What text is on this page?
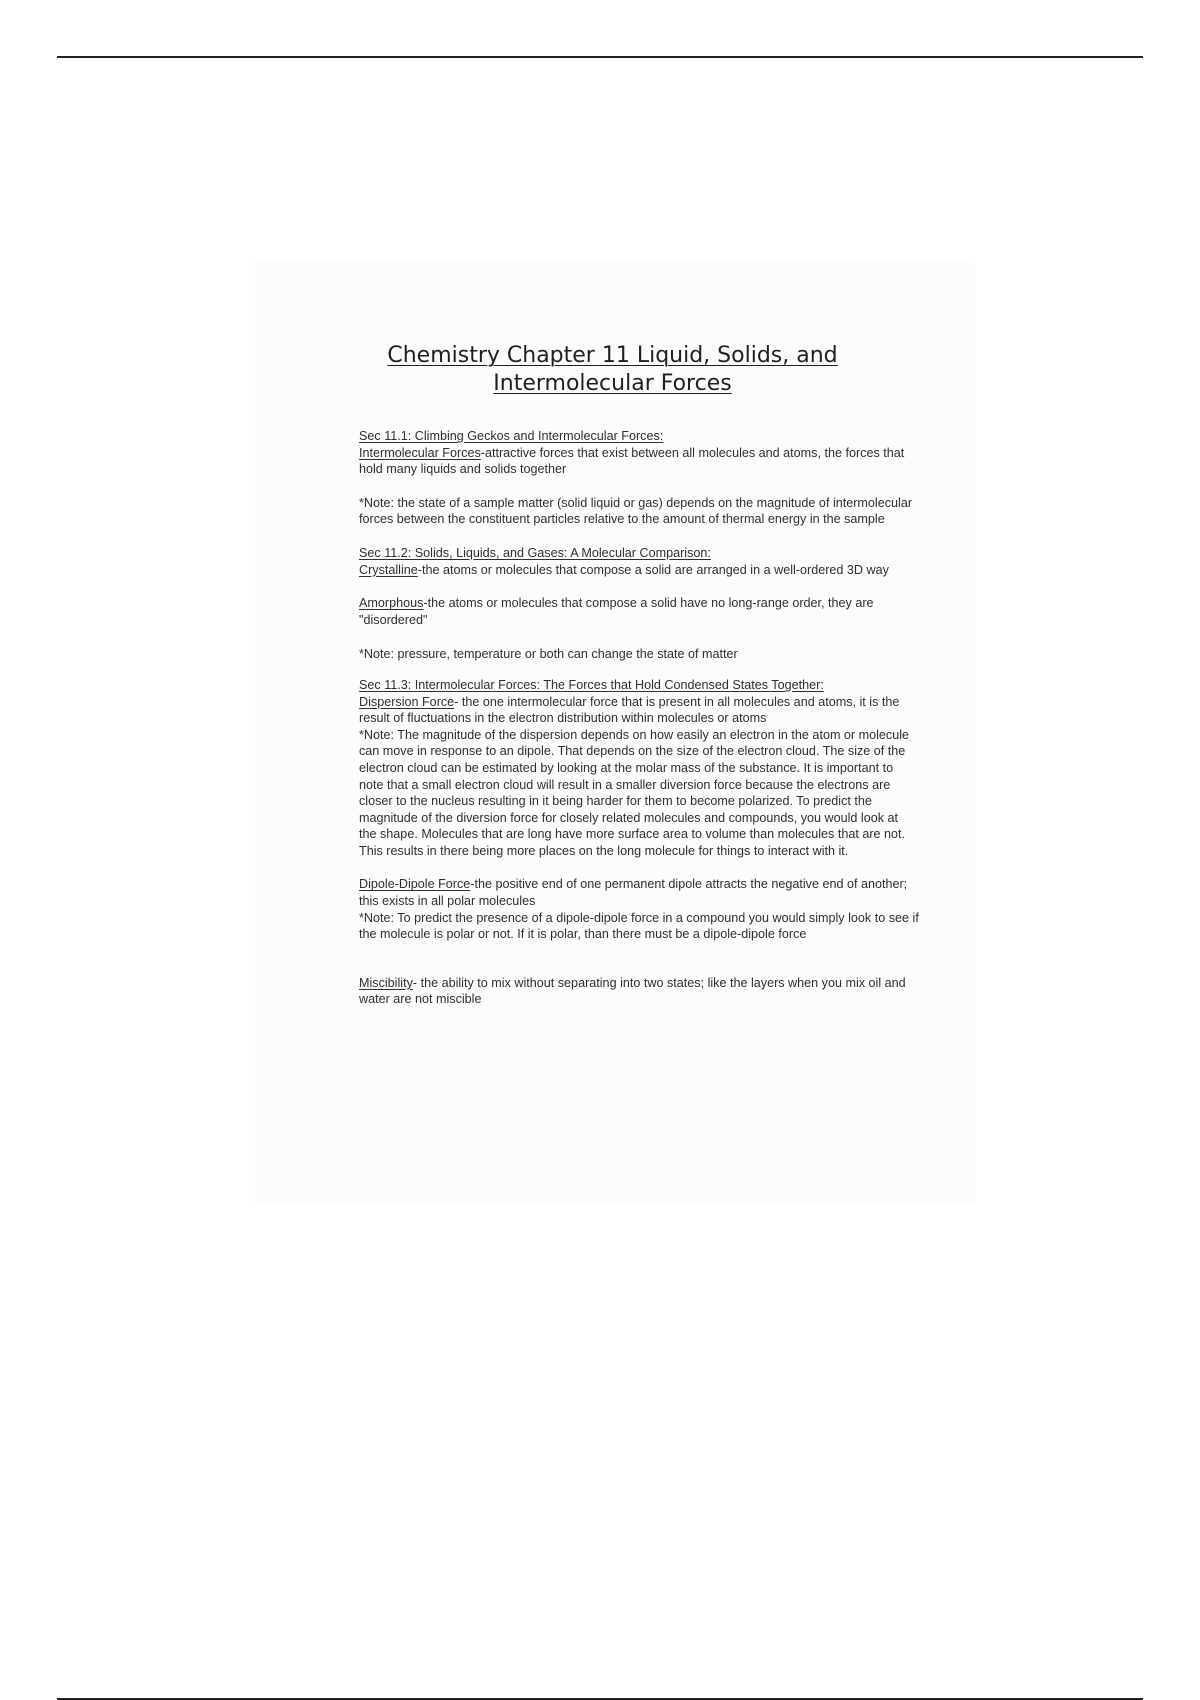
Chemistry Chapter 11 Liquid, Solids, and
Intermolecular Forces

Sec 11.1: Climbing Geckos and Intermolecular Forces:

Intermolecular Forces-attractive forces that exist between all molecules and atoms, the forces that hold many liquids and solids together

*Note: the state of a sample matter (solid liquid or gas) depends on the magnitude of intermolecular forces between the constituent particles relative to the amount of thermal energy in the sample

Sec 11.2: Solids, Liquids, and Gases: A Molecular Comparison:

Crystalline-the atoms or molecules that compose a solid are arranged in a well-ordered 3D way

Amorphous-the atoms or molecules that compose a solid have no long-range order, they are "disordered"

*Note: pressure, temperature or both can change the state of matter

Sec 11.3: Intermolecular Forces: The Forces that Hold Condensed States Together:

Dispersion Force- the one intermolecular force that is present in all molecules and atoms, it is the result of fluctuations in the electron distribution within molecules or atoms

*Note: The magnitude of the dispersion depends on how easily an electron in the atom or molecule can move in response to an dipole. That depends on the size of the electron cloud. The size of the electron cloud can be estimated by looking at the molar mass of the substance. It is important to note that a small electron cloud will result in a smaller diversion force because the electrons are closer to the nucleus resulting in it being harder for them to become polarized. To predict the magnitude of the diversion force for closely related molecules and compounds, you would look at the shape. Molecules that are long have more surface area to volume than molecules that are not. This results in there being more places on the long molecule for things to interact with it.

Dipole-Dipole Force-the positive end of one permanent dipole attracts the negative end of another; this exists in all polar molecules

*Note: To predict the presence of a dipole-dipole force in a compound you would simply look to see if the molecule is polar or not. If it is polar, than there must be a dipole-dipole force

Miscibility- the ability to mix without separating into two states; like the layers when you mix oil and water are not miscible
